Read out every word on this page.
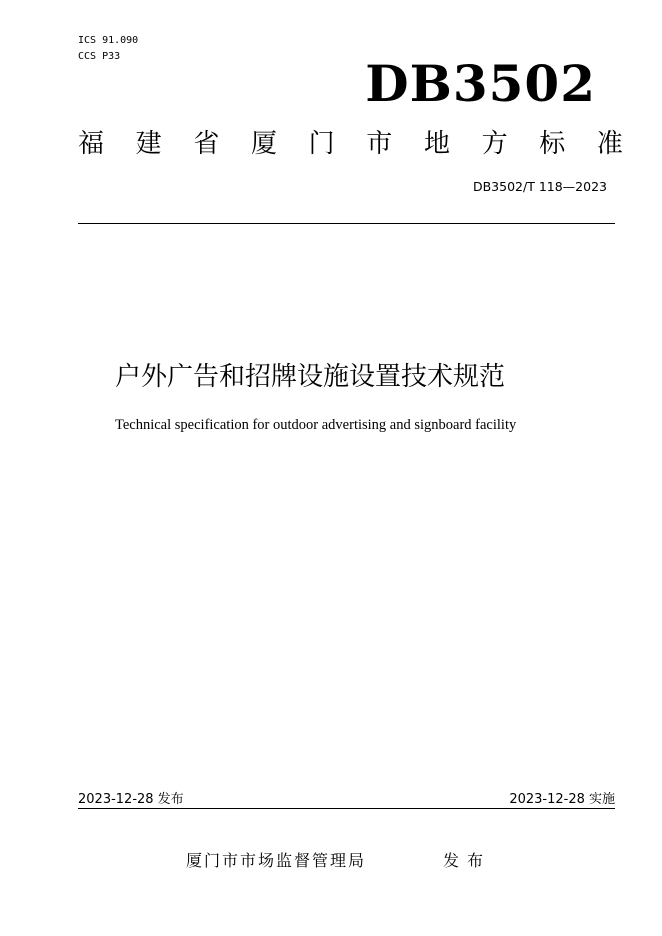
ICS 91.090
CCS P33	DB3502
福 建 省 厦 门 市 地 方 标 准
DB3502/T 118—2023
户外广告和招牌设施设置技术规范
Technical specification for outdoor advertising and signboard facility
2023-12-28 发布	2023-12-28 实施
厦门市市场监督管理局	发布
